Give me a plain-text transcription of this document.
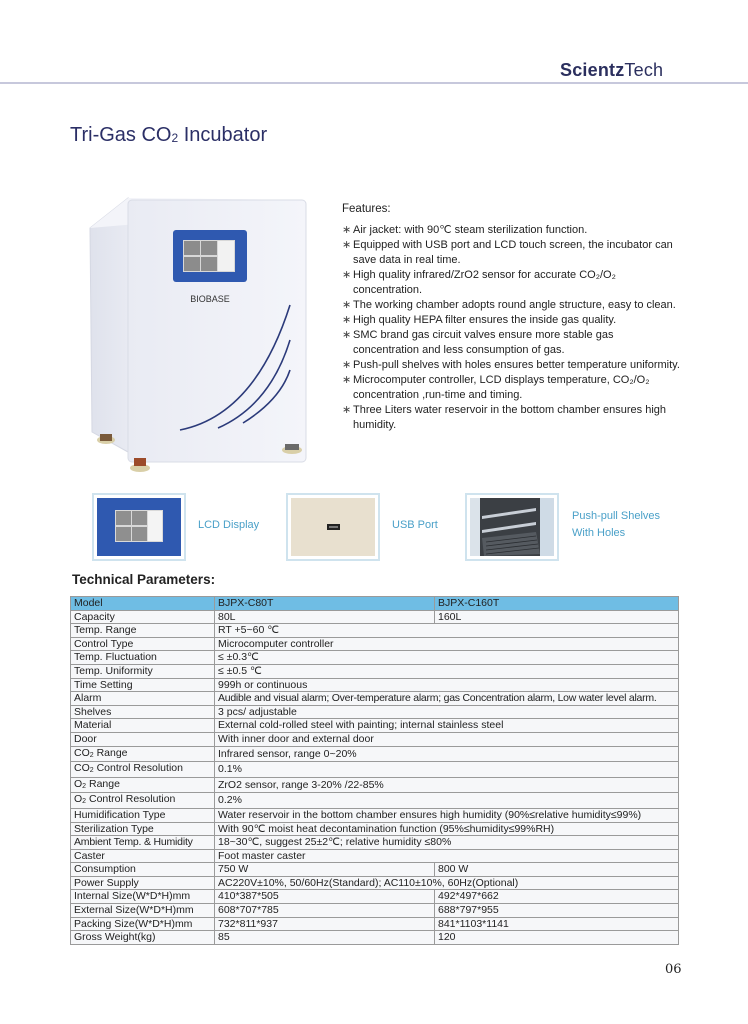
ScientzTech
Tri-Gas $CO_2$ Incubator
BIOBASE
Features:
∗ Air jacket: with 90℃ steam sterilization function.
∗ Equipped with USB port and LCD touch screen, the incubator can save data in real time.
∗ High quality infrared/ZrO2 sensor for accurate CO₂/O₂ concentration.
∗ The working chamber adopts round angle structure, easy to clean.
∗ High quality HEPA filter ensures the inside gas quality.
∗ SMC brand gas circuit valves ensure more stable gas concentration and less consumption of gas.
∗ Push-pull shelves with holes ensures better temperature uniformity.
∗ Microcomputer controller, LCD displays temperature, CO₂/O₂ concentration ,run-time and timing.
∗ Three Liters water reservoir in the bottom chamber ensures high humidity.
LCD Display	USB Port
Push-pull Shelves
With Holes
Technical Parameters:
Model	BJPX-C80T	BJPX-C160T
Capacity	80L	160L
Temp. Range	RT +5~60 ℃	
Control Type	Microcomputer controller	
Temp. Fluctuation	≤ ±0.3℃	
Temp. Uniformity	≤ ±0.5 ℃	
Time Setting	999h or continuous	
Alarm	Audible and visual alarm; Over-temperature alarm; gas Concentration alarm, Low water level alarm.	
Shelves	3 pcs/ adjustable	
Material	External cold-rolled steel with painting; internal stainless steel	
Door	With inner door and external door	
$CO_2$ Range	Infrared sensor, range 0~20%	
$CO_2$ Control Resolution	0.1%	
$O_2$ Range	ZrO2 sensor, range 3-20% /22-85%	
$O_2$ Control Resolution	0.2%	
Humidification Type	Water reservoir in the bottom chamber ensures high humidity (90%≤relative humidity≤99%)	
Sterilization Type	With 90℃ moist heat decontamination function (95%≤humidity≤99%RH)	
Ambient Temp. & Humidity	18~30℃, suggest 25±2℃; relative humidity ≤80%	
Caster	Foot master caster	
Consumption	750 W	800 W
Power Supply	AC220V±10%, 50/60Hz(Standard); AC110±10%, 60Hz(Optional)	
Internal Size(W*D*H)mm	410*387*505	492*497*662
External Size(W*D*H)mm	608*707*785	688*797*955
Packing Size(W*D*H)mm	732*811*937	841*1103*1141
Gross Weight(kg)	85	120
06
